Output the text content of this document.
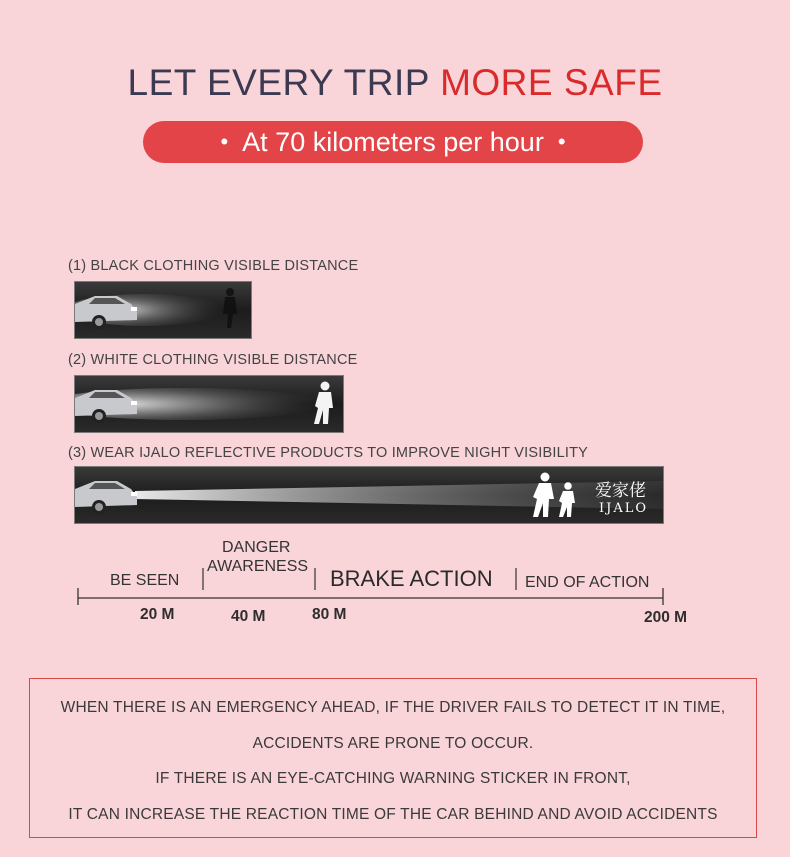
LET EVERY TRIP MORE SAFE
• At 70 kilometers per hour •
(1) BLACK CLOTHING VISIBLE DISTANCE
(2) WHITE CLOTHING VISIBLE DISTANCE
(3) WEAR IJALO REFLECTIVE PRODUCTS TO IMPROVE NIGHT VISIBILITY
爱家佬
IJALO
BE SEEN
DANGER
AWARENESS BRAKE ACTION END OF ACTION
20 M	40 M	80 M	200 M
WHEN THERE IS AN EMERGENCY AHEAD, IF THE DRIVER FAILS TO DETECT IT IN TIME,
ACCIDENTS ARE PRONE TO OCCUR.
IF THERE IS AN EYE-CATCHING WARNING STICKER IN FRONT,
IT CAN INCREASE THE REACTION TIME OF THE CAR BEHIND AND AVOID ACCIDENTS
